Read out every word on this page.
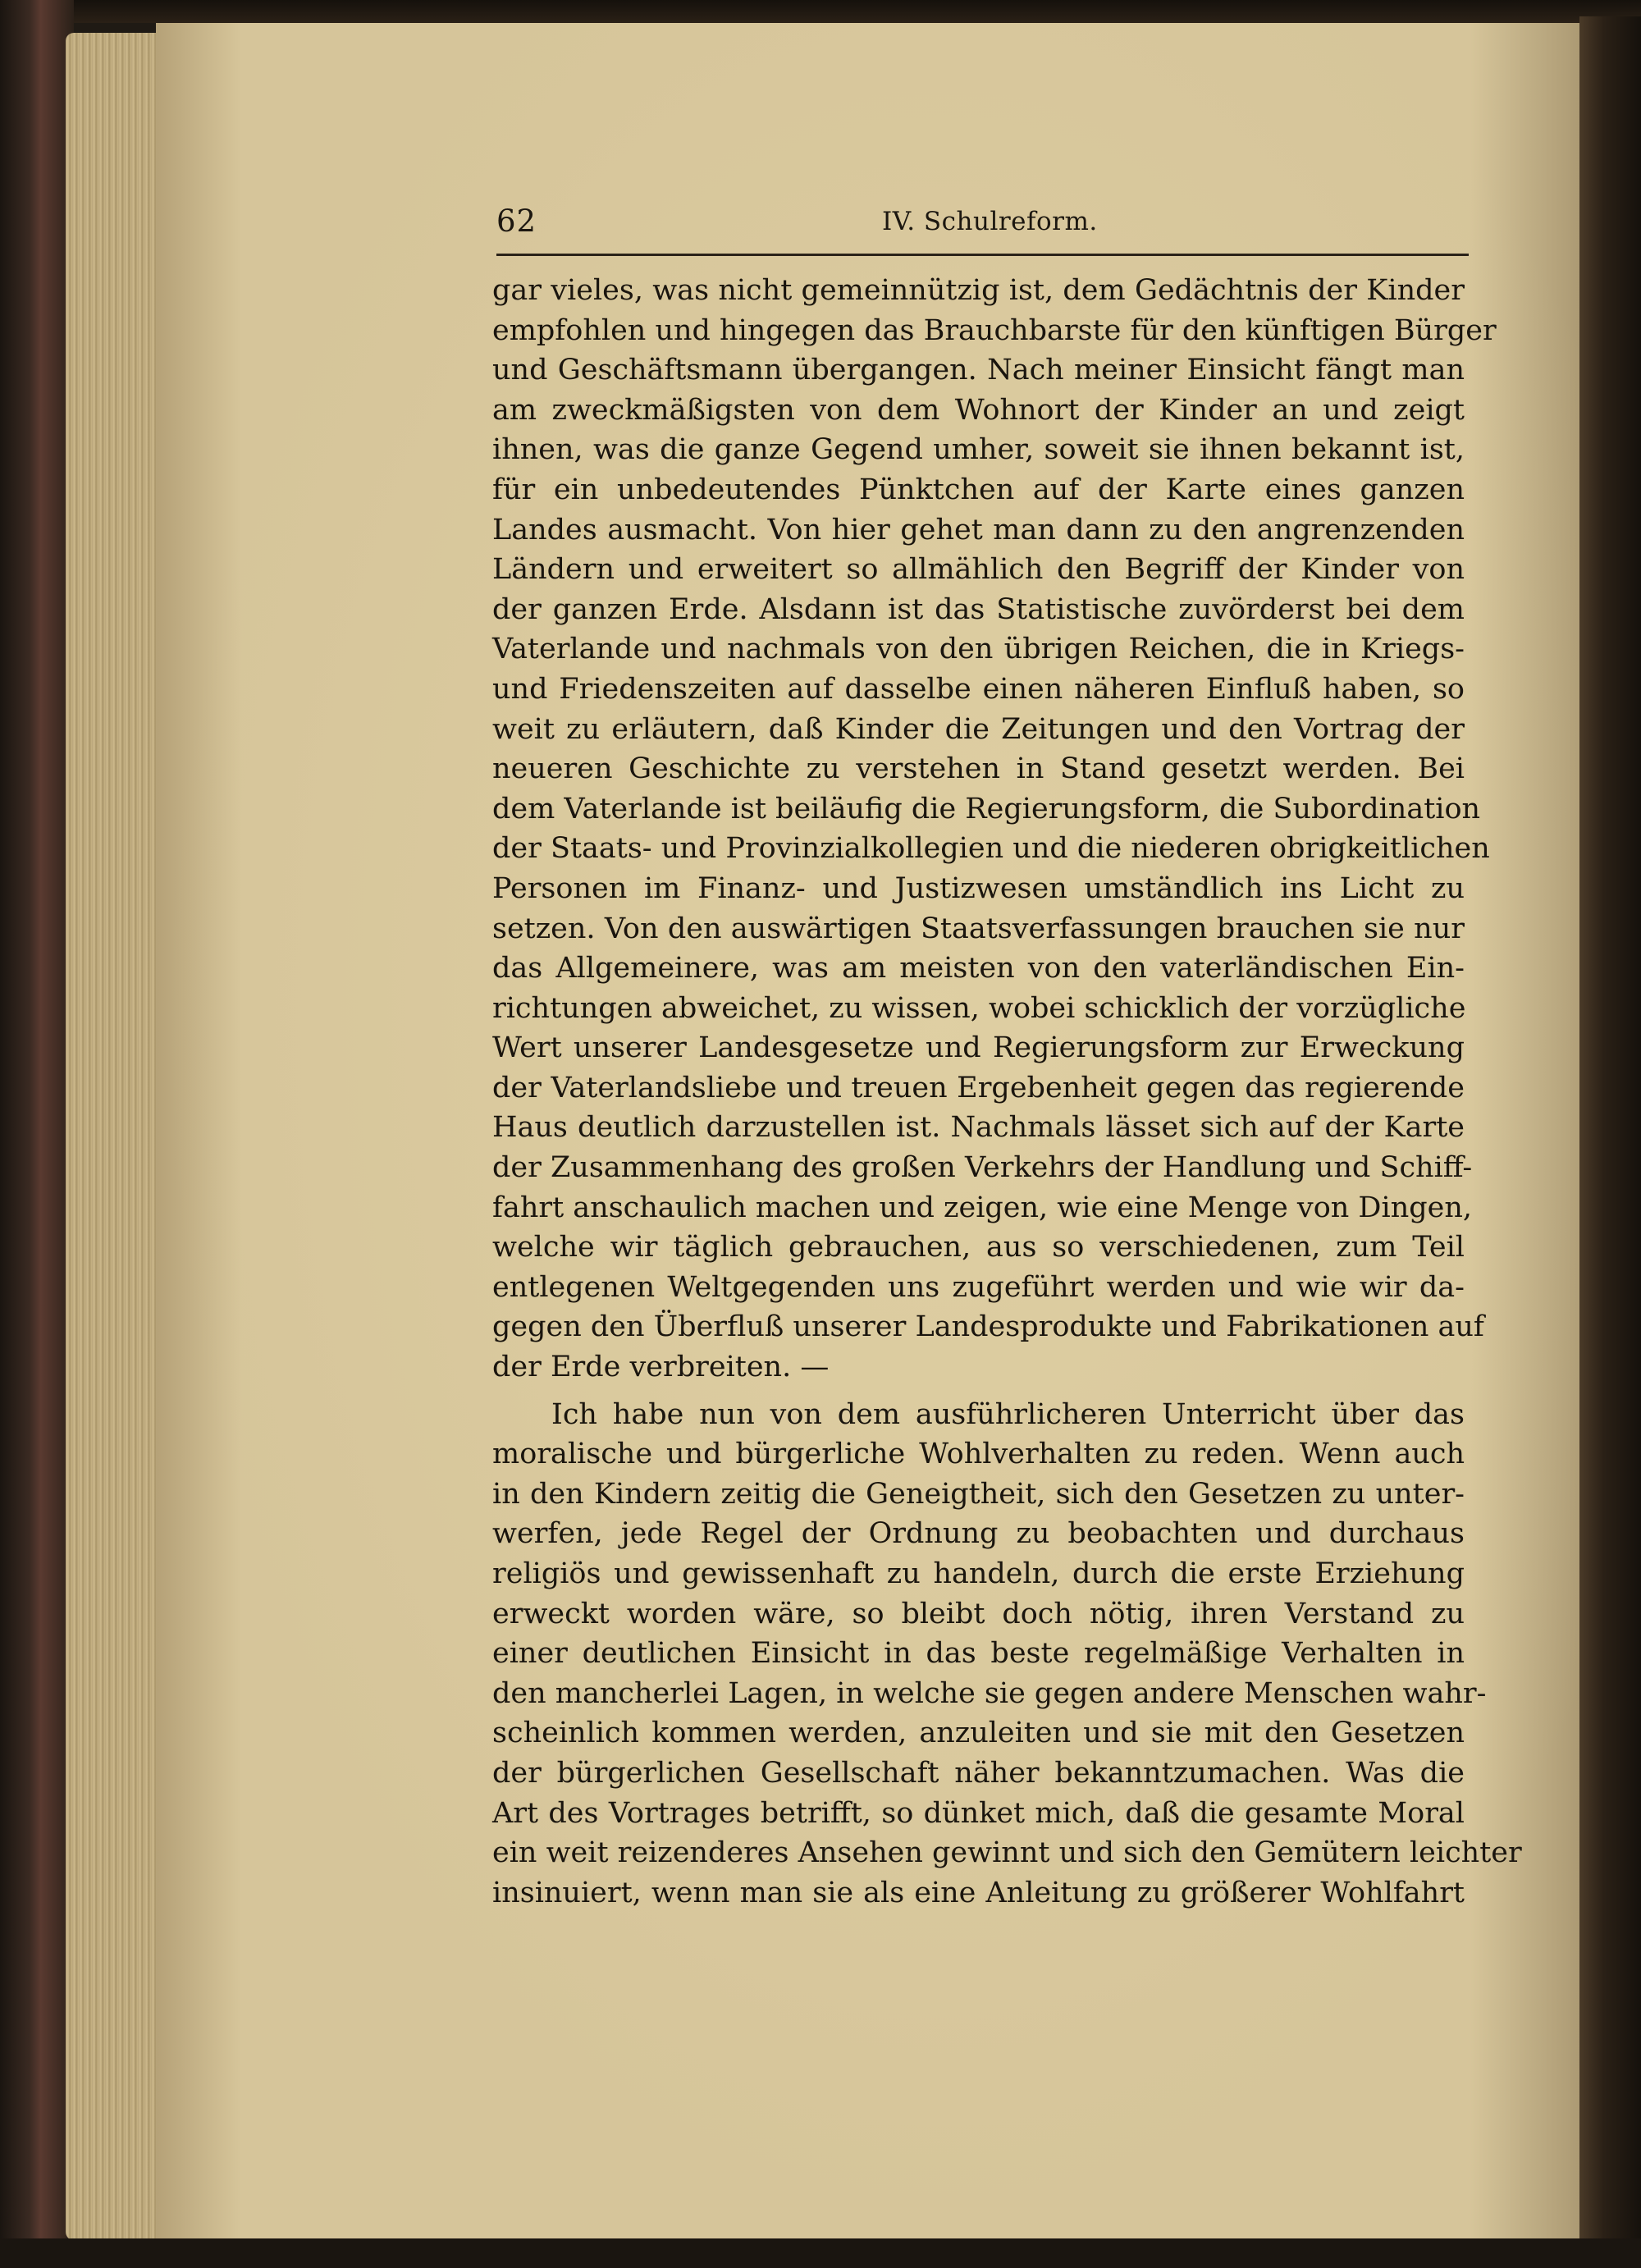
62	IV. Schulreform.
gar vieles, was nicht gemeinnützig ist, dem Gedächtnis der Kinder
empfohlen und hingegen das Brauchbarste für den künftigen Bürger
und Geschäftsmann übergangen. Nach meiner Einsicht fängt man
am zweckmäßigsten von dem Wohnort der Kinder an und zeigt
ihnen, was die ganze Gegend umher, soweit sie ihnen bekannt ist,
für ein unbedeutendes Pünktchen auf der Karte eines ganzen
Landes ausmacht. Von hier gehet man dann zu den angrenzenden
Ländern und erweitert so allmählich den Begriff der Kinder von
der ganzen Erde. Alsdann ist das Statistische zuvörderst bei dem
Vaterlande und nachmals von den übrigen Reichen, die in Kriegs-
und Friedenszeiten auf dasselbe einen näheren Einfluß haben, so
weit zu erläutern, daß Kinder die Zeitungen und den Vortrag der
neueren Geschichte zu verstehen in Stand gesetzt werden. Bei
dem Vaterlande ist beiläufig die Regierungsform, die Subordination
der Staats- und Provinzialkollegien und die niederen obrigkeitlichen
Personen im Finanz- und Justizwesen umständlich ins Licht zu
setzen. Von den auswärtigen Staatsverfassungen brauchen sie nur
das Allgemeinere, was am meisten von den vaterländischen Ein-
richtungen abweichet, zu wissen, wobei schicklich der vorzügliche
Wert unserer Landesgesetze und Regierungsform zur Erweckung
der Vaterlandsliebe und treuen Ergebenheit gegen das regierende
Haus deutlich darzustellen ist. Nachmals lässet sich auf der Karte
der Zusammenhang des großen Verkehrs der Handlung und Schiff-
fahrt anschaulich machen und zeigen, wie eine Menge von Dingen,
welche wir täglich gebrauchen, aus so verschiedenen, zum Teil
entlegenen Weltgegenden uns zugeführt werden und wie wir da-
gegen den Überfluß unserer Landesprodukte und Fabrikationen auf
der Erde verbreiten. —
Ich habe nun von dem ausführlicheren Unterricht über das
moralische und bürgerliche Wohlverhalten zu reden. Wenn auch
in den Kindern zeitig die Geneigtheit, sich den Gesetzen zu unter-
werfen, jede Regel der Ordnung zu beobachten und durchaus
religiös und gewissenhaft zu handeln, durch die erste Erziehung
erweckt worden wäre, so bleibt doch nötig, ihren Verstand zu
einer deutlichen Einsicht in das beste regelmäßige Verhalten in
den mancherlei Lagen, in welche sie gegen andere Menschen wahr-
scheinlich kommen werden, anzuleiten und sie mit den Gesetzen
der bürgerlichen Gesellschaft näher bekanntzumachen. Was die
Art des Vortrages betrifft, so dünket mich, daß die gesamte Moral
ein weit reizenderes Ansehen gewinnt und sich den Gemütern leichter
insinuiert, wenn man sie als eine Anleitung zu größerer Wohlfahrt
